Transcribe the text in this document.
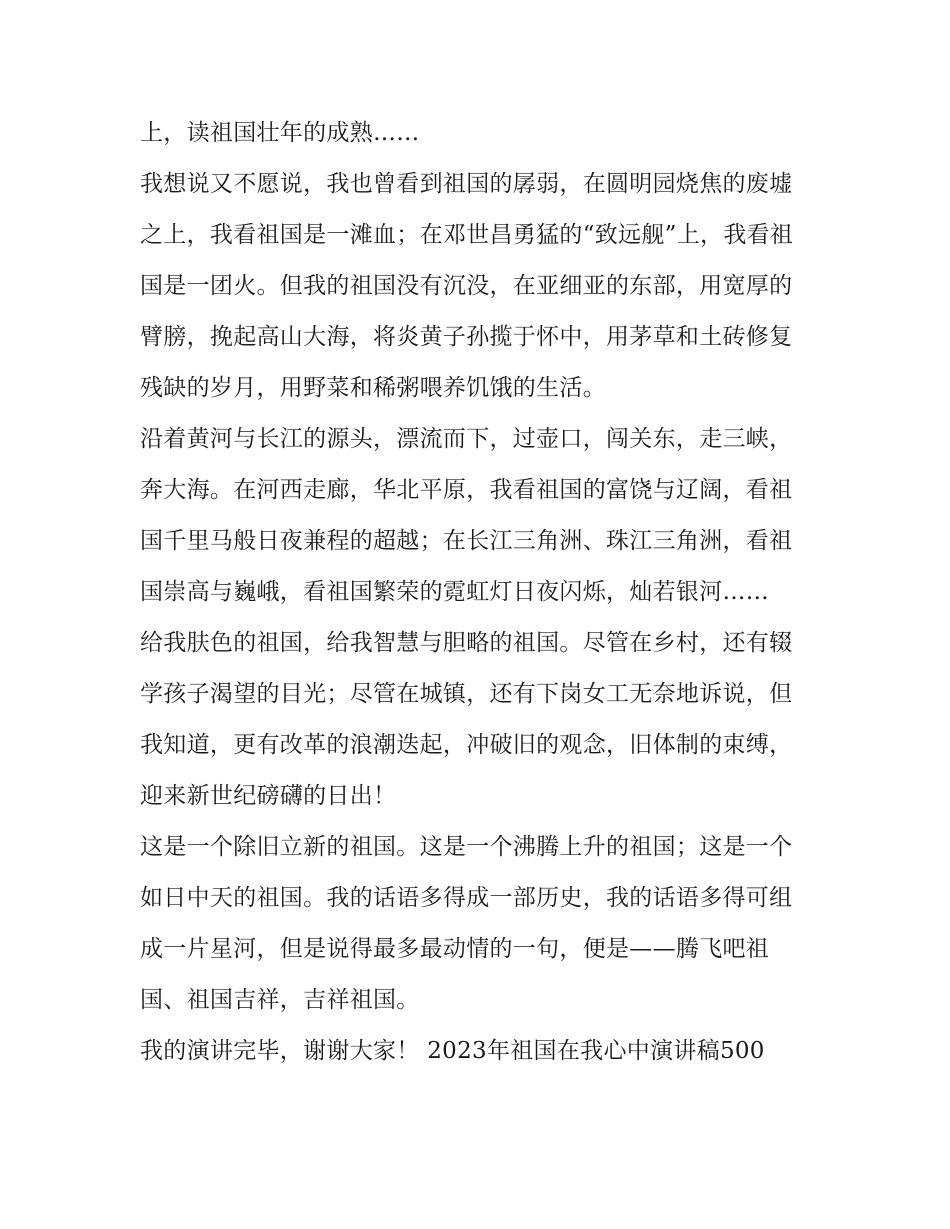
上，读祖国壮年的成熟……

我想说又不愿说，我也曾看到祖国的孱弱，在圆明园烧焦的废墟之上，我看祖国是一滩血；在邓世昌勇猛的“致远舰”上，我看祖国是一团火。但我的祖国没有沉没，在亚细亚的东部，用宽厚的臂膀，挽起高山大海，将炎黄子孙揽于怀中，用茅草和土砖修复残缺的岁月，用野菜和稀粥喂养饥饿的生活。

沿着黄河与长江的源头，漂流而下，过壶口，闯关东，走三峡，奔大海。在河西走廊，华北平原，我看祖国的富饶与辽阔，看祖国千里马般日夜兼程的超越；在长江三角洲、珠江三角洲，看祖国崇高与巍峨，看祖国繁荣的霓虹灯日夜闪烁，灿若银河……

给我肤色的祖国，给我智慧与胆略的祖国。尽管在乡村，还有辍学孩子渴望的目光；尽管在城镇，还有下岗女工无奈地诉说，但我知道，更有改革的浪潮迭起，冲破旧的观念，旧体制的束缚，迎来新世纪磅礴的日出！

这是一个除旧立新的祖国。这是一个沸腾上升的祖国；这是一个如日中天的祖国。我的话语多得成一部历史，我的话语多得可组成一片星河，但是说得最多最动情的一句，便是——腾飞吧祖国、祖国吉祥，吉祥祖国。

我的演讲完毕，谢谢大家！ 2023年祖国在我心中演讲稿500
